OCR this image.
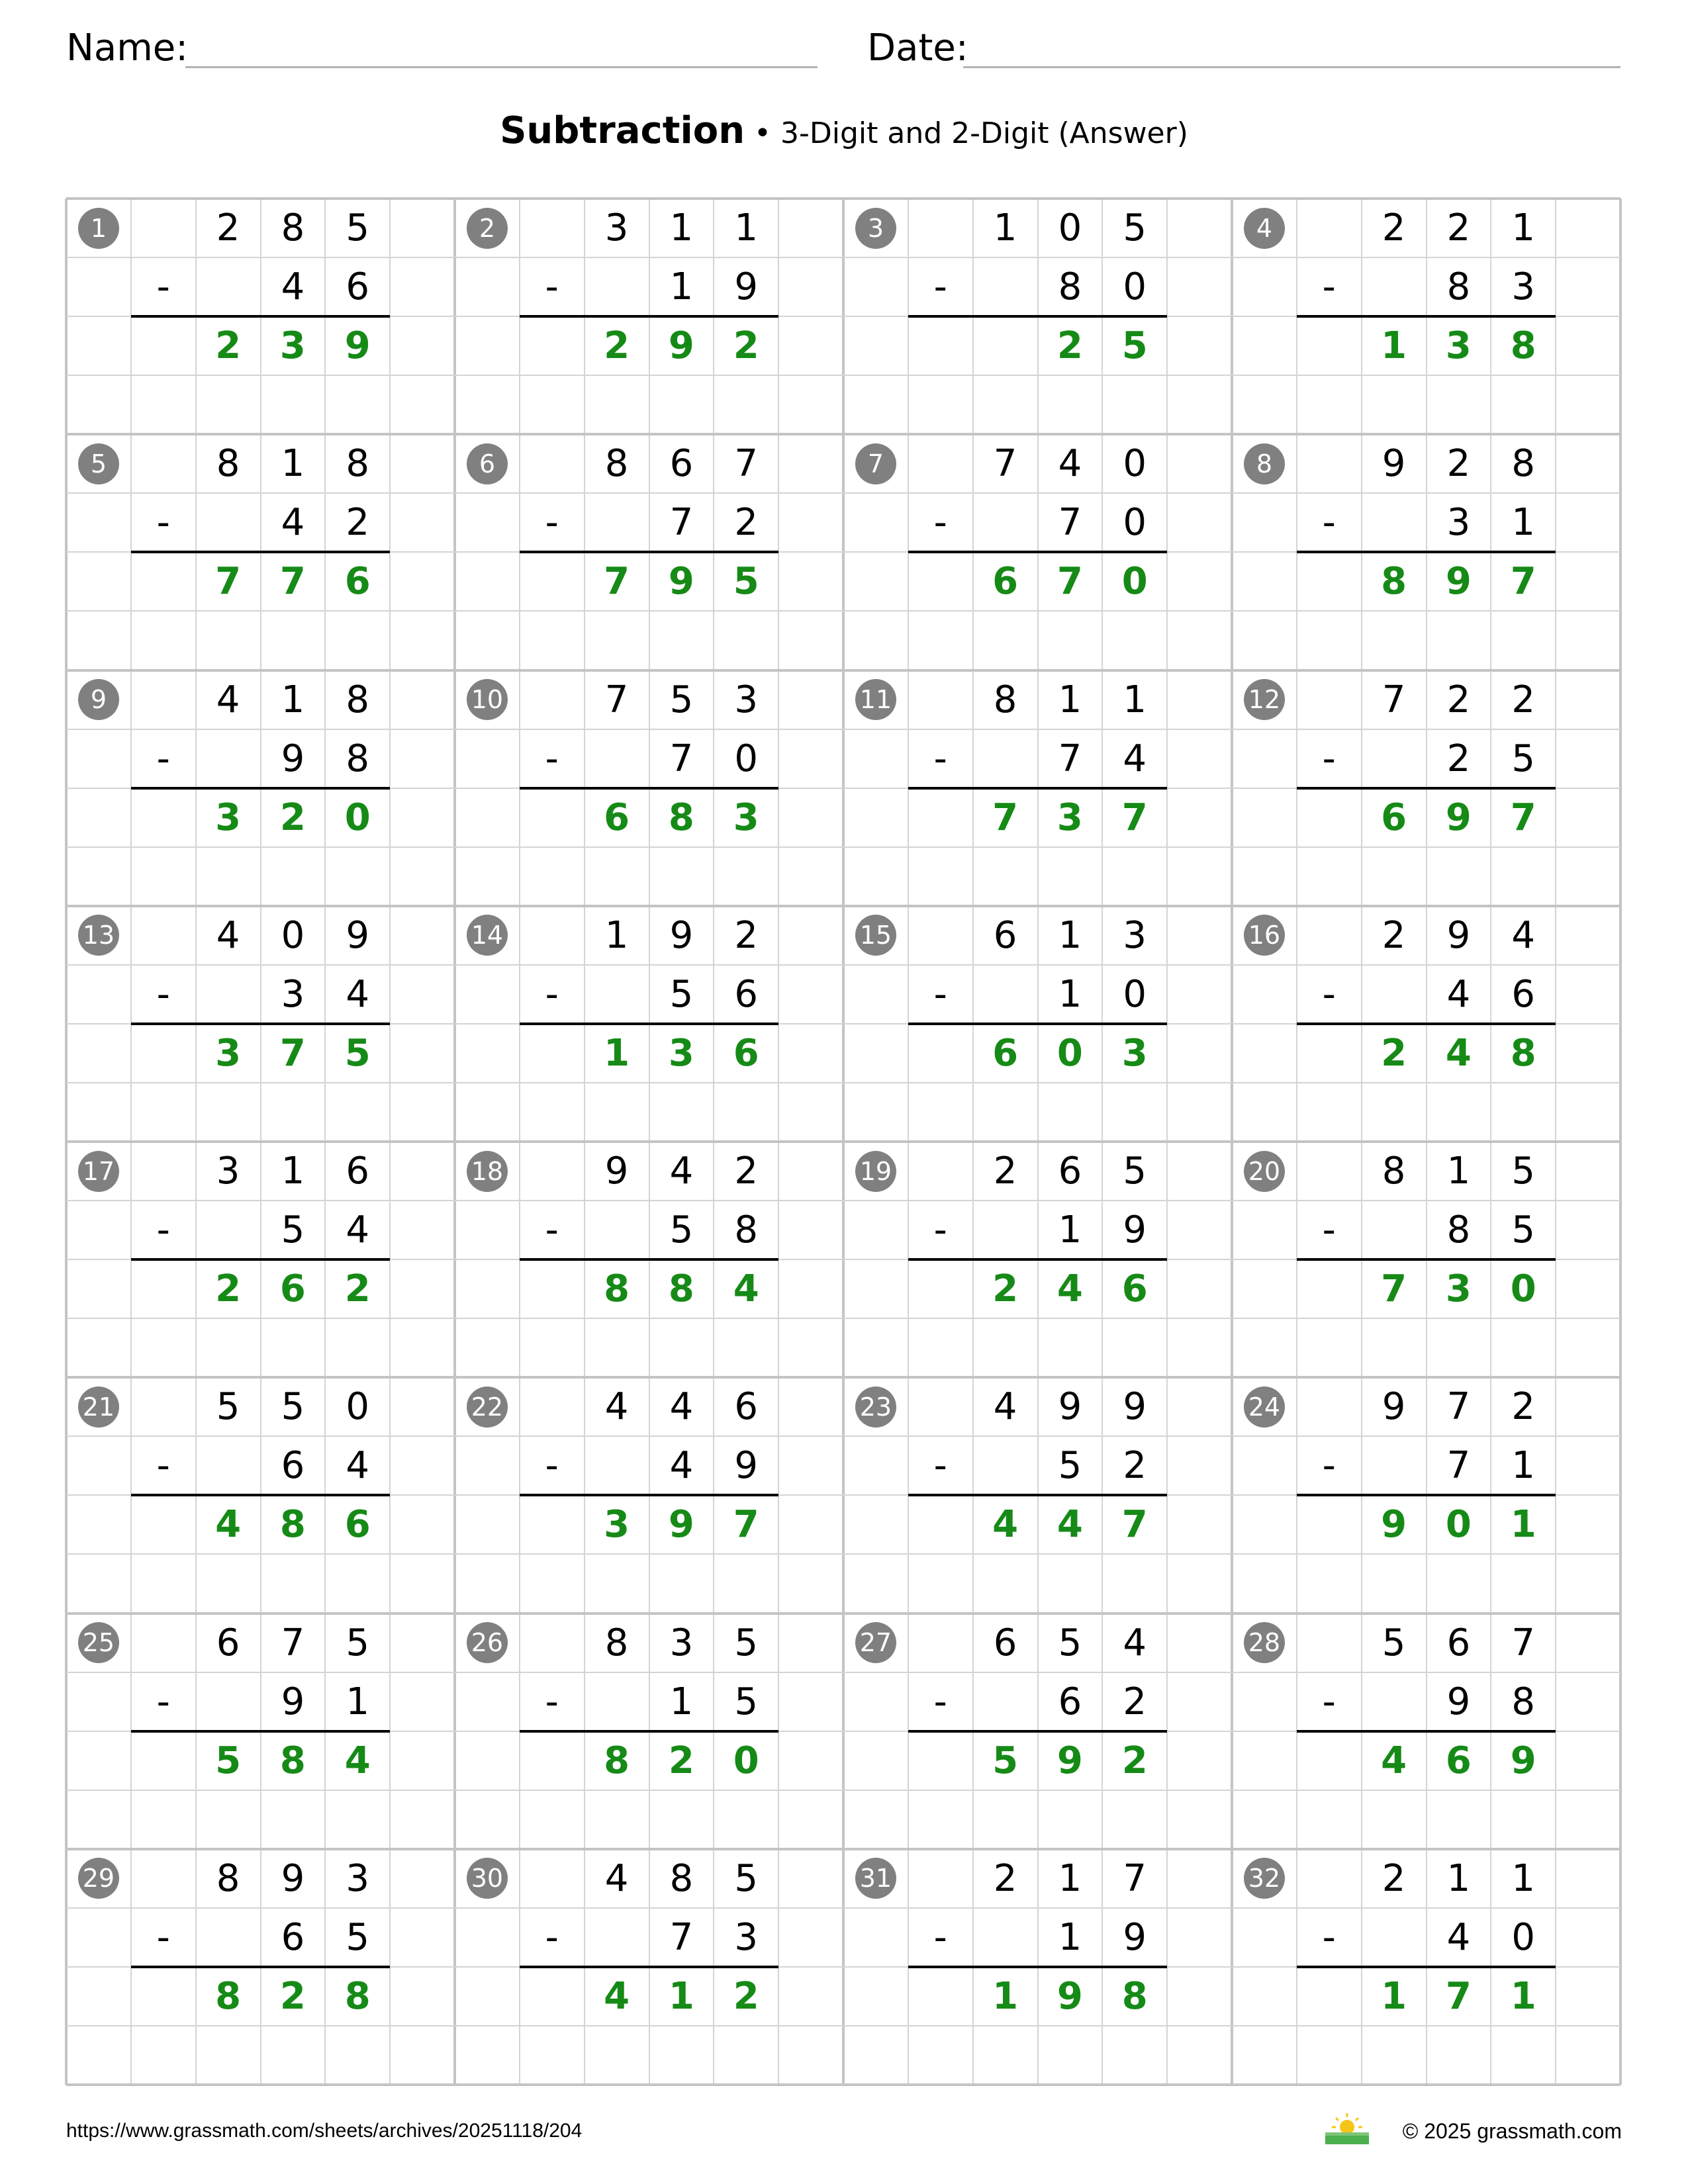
Name:	Date:
Subtraction • 3-Digit and 2-Digit (Answer)
1	2	8	5
-	4	6
2	3	9
2	3	1	1
-	1	9
2	9	2
3	1	0	5
-	8	0
2	5
4	2	2	1
-	8	3
1	3	8
5	8	1	8
-	4	2
7	7	6
6	8	6	7
-	7	2
7	9	5
7	7	4	0
-	7	0
6	7	0
8	9	2	8
-	3	1
8	9	7
9	4	1	8
-	9	8
3	2	0
10	7	5	3
-	7	0
6	8	3
11	8	1	1
-	7	4
7	3	7
12	7	2	2
-	2	5
6	9	7
13	4	0	9
-	3	4
3	7	5
14	1	9	2
-	5	6
1	3	6
15	6	1	3
-	1	0
6	0	3
16	2	9	4
-	4	6
2	4	8
17	3	1	6
-	5	4
2	6	2
18	9	4	2
-	5	8
8	8	4
19	2	6	5
-	1	9
2	4	6
20	8	1	5
-	8	5
7	3	0
21	5	5	0
-	6	4
4	8	6
22	4	4	6
-	4	9
3	9	7
23	4	9	9
-	5	2
4	4	7
24	9	7	2
-	7	1
9	0	1
25	6	7	5
-	9	1
5	8	4
26	8	3	5
-	1	5
8	2	0
27	6	5	4
-	6	2
5	9	2
28	5	6	7
-	9	8
4	6	9
29	8	9	3
-	6	5
8	2	8
30	4	8	5
-	7	3
4	1	2
31	2	1	7
-	1	9
1	9	8
32	2	1	1
-	4	0
1	7	1
https://www.grassmath.com/sheets/archives/20251118/204	© 2025 grassmath.com
